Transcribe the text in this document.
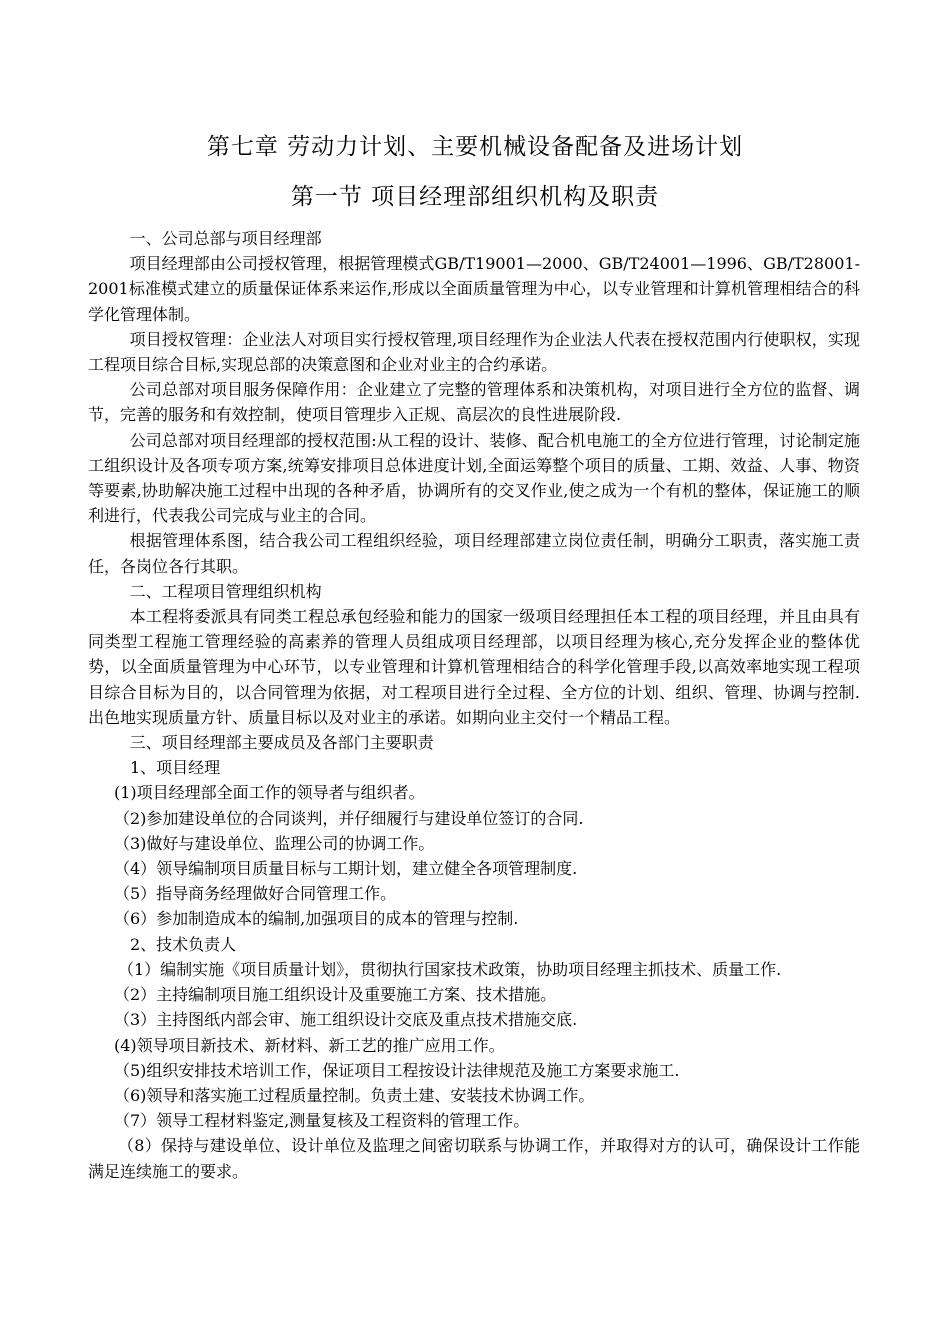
第七章 劳动力计划、主要机械设备配备及进场计划
第一节 项目经理部组织机构及职责

一、公司总部与项目经理部

项目经理部由公司授权管理，根据管理模式GB/T19001—2000、GB/T24001—1996、GB/T28001-2001标准模式建立的质量保证体系来运作,形成以全面质量管理为中心，以专业管理和计算机管理相结合的科学化管理体制。

项目授权管理：企业法人对项目实行授权管理,项目经理作为企业法人代表在授权范围内行使职权，实现工程项目综合目标,实现总部的决策意图和企业对业主的合约承诺。

公司总部对项目服务保障作用：企业建立了完整的管理体系和决策机构，对项目进行全方位的监督、调节，完善的服务和有效控制，使项目管理步入正规、高层次的良性进展阶段.

公司总部对项目经理部的授权范围:从工程的设计、装修、配合机电施工的全方位进行管理，讨论制定施工组织设计及各项专项方案,统筹安排项目总体进度计划,全面运筹整个项目的质量、工期、效益、人事、物资等要素,协助解决施工过程中出现的各种矛盾，协调所有的交叉作业,使之成为一个有机的整体，保证施工的顺利进行，代表我公司完成与业主的合同。

根据管理体系图，结合我公司工程组织经验，项目经理部建立岗位责任制，明确分工职责，落实施工责任，各岗位各行其职。

二、工程项目管理组织机构

本工程将委派具有同类工程总承包经验和能力的国家一级项目经理担任本工程的项目经理，并且由具有同类型工程施工管理经验的高素养的管理人员组成项目经理部，以项目经理为核心,充分发挥企业的整体优势，以全面质量管理为中心环节，以专业管理和计算机管理相结合的科学化管理手段,以高效率地实现工程项目综合目标为目的，以合同管理为依据，对工程项目进行全过程、全方位的计划、组织、管理、协调与控制.出色地实现质量方针、质量目标以及对业主的承诺。如期向业主交付一个精品工程。

三、项目经理部主要成员及各部门主要职责

1、项目经理

(1)项目经理部全面工作的领导者与组织者。

（2)参加建设单位的合同谈判，并仔细履行与建设单位签订的合同.

（3)做好与建设单位、监理公司的协调工作。

（4）领导编制项目质量目标与工期计划，建立健全各项管理制度.

（5）指导商务经理做好合同管理工作。

（6）参加制造成本的编制,加强项目的成本的管理与控制.

2、技术负责人

（1）编制实施《项目质量计划》，贯彻执行国家技术政策，协助项目经理主抓技术、质量工作.

（2）主持编制项目施工组织设计及重要施工方案、技术措施。

（3）主持图纸内部会审、施工组织设计交底及重点技术措施交底.

(4)领导项目新技术、新材料、新工艺的推广应用工作。

（5)组织安排技术培训工作，保证项目工程按设计法律规范及施工方案要求施工.

（6)领导和落实施工过程质量控制。负责土建、安装技术协调工作。

（7）领导工程材料鉴定,测量复核及工程资料的管理工作。

（8）保持与建设单位、设计单位及监理之间密切联系与协调工作，并取得对方的认可，确保设计工作能满足连续施工的要求。
